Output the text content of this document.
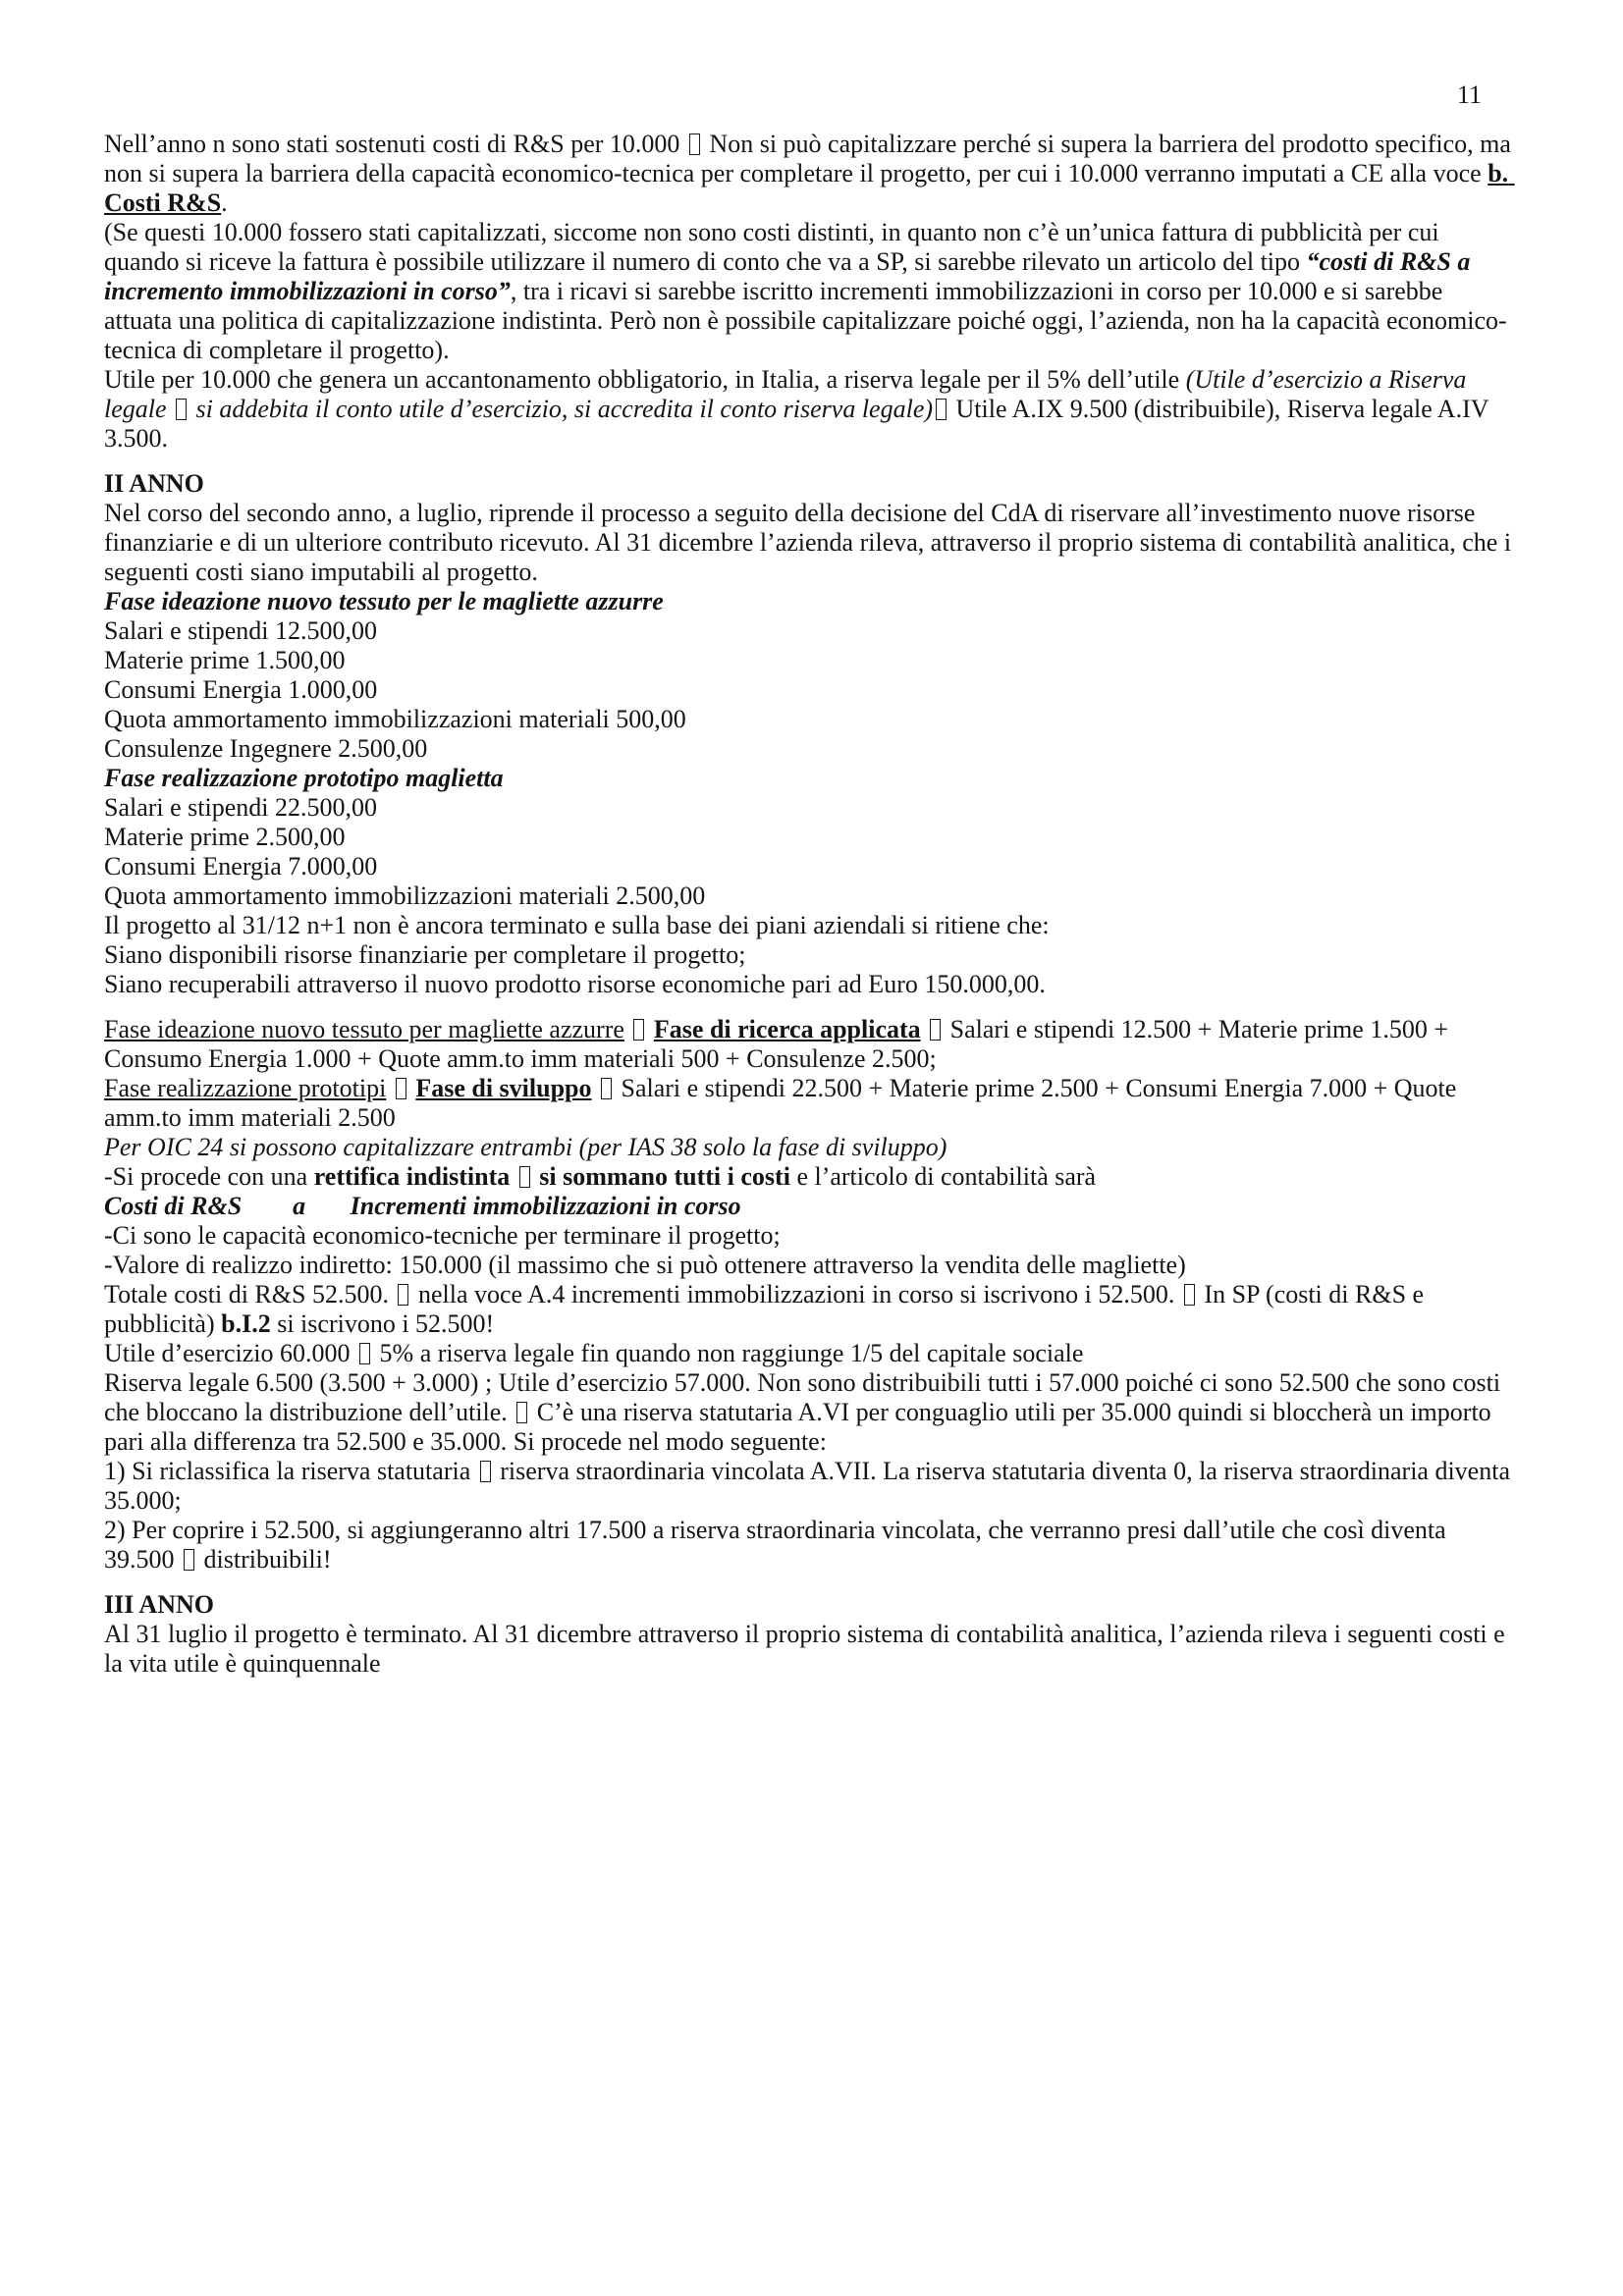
11
Nell’anno n sono stati sostenuti costi di R&S per 10.000  Non si può capitalizzare perché si supera la barriera del prodotto specifico, ma non si supera la barriera della capacità economico-tecnica per completare il progetto, per cui i 10.000 verranno imputati a CE alla voce b. Costi R&S.
(Se questi 10.000 fossero stati capitalizzati, siccome non sono costi distinti, in quanto non c’è un’unica fattura di pubblicità per cui quando si riceve la fattura è possibile utilizzare il numero di conto che va a SP, si sarebbe rilevato un articolo del tipo “costi di R&S a incremento immobilizzazioni in corso”, tra i ricavi si sarebbe iscritto incrementi immobilizzazioni in corso per 10.000 e si sarebbe attuata una politica di capitalizzazione indistinta. Però non è possibile capitalizzare poiché oggi, l’azienda, non ha la capacità economico-tecnica di completare il progetto).
Utile per 10.000 che genera un accantonamento obbligatorio, in Italia, a riserva legale per il 5% dell’utile (Utile d’esercizio a Riserva legale  si addebita il conto utile d’esercizio, si accredita il conto riserva legale) Utile A.IX 9.500 (distribuibile), Riserva legale A.IV 3.500.
II ANNO
Nel corso del secondo anno, a luglio, riprende il processo a seguito della decisione del CdA di riservare all’investimento nuove risorse finanziarie e di un ulteriore contributo ricevuto. Al 31 dicembre l’azienda rileva, attraverso il proprio sistema di contabilità analitica, che i seguenti costi siano imputabili al progetto.
Fase ideazione nuovo tessuto per le magliette azzurre
Salari e stipendi 12.500,00
Materie prime 1.500,00
Consumi Energia 1.000,00
Quota ammortamento immobilizzazioni materiali 500,00
Consulenze Ingegnere 2.500,00
Fase realizzazione prototipo maglietta
Salari e stipendi 22.500,00
Materie prime 2.500,00
Consumi Energia 7.000,00
Quota ammortamento immobilizzazioni materiali 2.500,00
Il progetto al 31/12 n+1 non è ancora terminato e sulla base dei piani aziendali si ritiene che:
Siano disponibili risorse finanziarie per completare il progetto;
Siano recuperabili attraverso il nuovo prodotto risorse economiche pari ad Euro 150.000,00.
Fase ideazione nuovo tessuto per magliette azzurre Fase di ricerca applicata  Salari e stipendi 12.500 + Materie prime 1.500 + Consumo Energia 1.000 + Quote amm.to imm materiali 500 + Consulenze 2.500;
Fase realizzazione prototipi Fase di sviluppo  Salari e stipendi 22.500 + Materie prime 2.500 + Consumi Energia 7.000 + Quote amm.to imm materiali 2.500
Per OIC 24 si possono capitalizzare entrambi (per IAS 38 solo la fase di sviluppo)
-Si procede con una rettifica indistinta si sommano tutti i costi e l’articolo di contabilità sarà
Costi di R&S        a       Incrementi immobilizzazioni in corso
-Ci sono le capacità economico-tecniche per terminare il progetto;
-Valore di realizzo indiretto: 150.000 (il massimo che si può ottenere attraverso la vendita delle magliette)
Totale costi di R&S 52.500.  nella voce A.4 incrementi immobilizzazioni in corso si iscrivono i 52.500.  In SP (costi di R&S e pubblicità) b.I.2 si iscrivono i 52.500!
Utile d’esercizio 60.000  5% a riserva legale fin quando non raggiunge 1/5 del capitale sociale
Riserva legale 6.500 (3.500 + 3.000) ; Utile d’esercizio 57.000. Non sono distribuibili tutti i 57.000 poiché ci sono 52.500 che sono costi che bloccano la distribuzione dell’utile.  C’è una riserva statutaria A.VI per conguaglio utili per 35.000 quindi si bloccherà un importo pari alla differenza tra 52.500 e 35.000. Si procede nel modo seguente:
1) Si riclassifica la riserva statutaria  riserva straordinaria vincolata A.VII. La riserva statutaria diventa 0, la riserva straordinaria diventa 35.000;
2) Per coprire i 52.500, si aggiungeranno altri 17.500 a riserva straordinaria vincolata, che verranno presi dall’utile che così diventa 39.500  distribuibili!
III ANNO
Al 31 luglio il progetto è terminato. Al 31 dicembre attraverso il proprio sistema di contabilità analitica, l’azienda rileva i seguenti costi e la vita utile è quinquennale
